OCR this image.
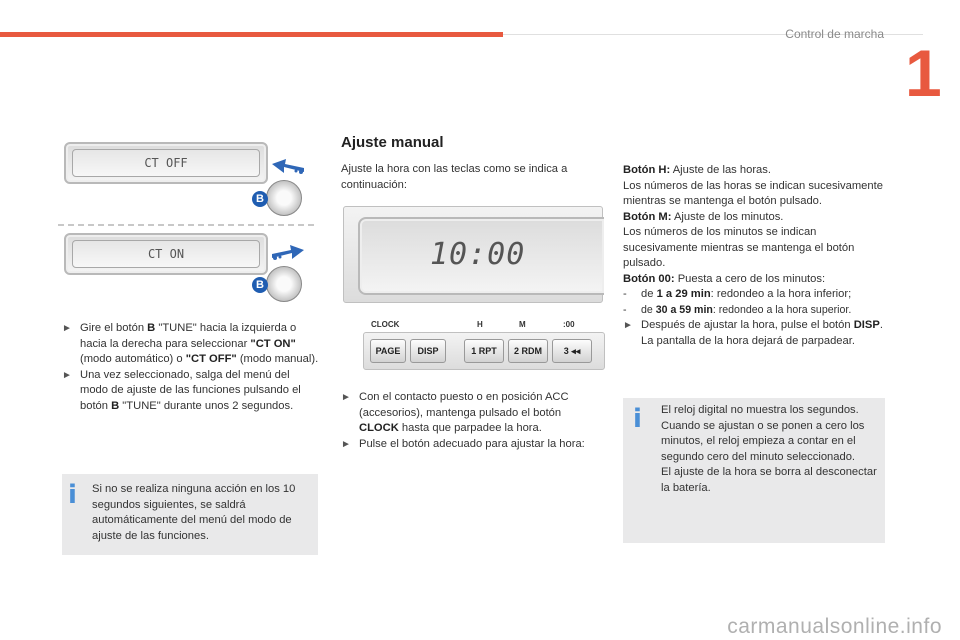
Control de marcha
1
CT OFF
B
CT ON
B
► Gire el botón B "TUNE" hacia la izquierda o hacia la derecha para seleccionar "CT ON" (modo automático) o "CT OFF" (modo manual).
► Una vez seleccionado, salga del menú del modo de ajuste de las funciones pulsando el botón B "TUNE" durante unos 2 segundos.
i Si no se realiza ninguna acción en los 10 segundos siguientes, se saldrá automáticamente del menú del modo de ajuste de las funciones.
Ajuste manual
Ajuste la hora con las teclas como se indica a continuación:
10:00
CLOCK	H	M	:00
PAGE	DISP	1 RPT	2 RDM	3 ◂◂
► Con el contacto puesto o en posición ACC (accesorios), mantenga pulsado el botón CLOCK hasta que parpadee la hora.
► Pulse el botón adecuado para ajustar la hora:
Botón H: Ajuste de las horas.
Los números de las horas se indican sucesivamente mientras se mantenga el botón pulsado.
Botón M: Ajuste de los minutos.
Los números de los minutos se indican sucesivamente mientras se mantenga el botón pulsado.
Botón 00: Puesta a cero de los minutos:
- de 1 a 29 min: redondeo a la hora inferior;
- de 30 a 59 min: redondeo a la hora superior.
► Después de ajustar la hora, pulse el botón DISP. La pantalla de la hora dejará de parpadear.
i El reloj digital no muestra los segundos. Cuando se ajustan o se ponen a cero los minutos, el reloj empieza a contar en el segundo cero del minuto seleccionado.
El ajuste de la hora se borra al desconectar la batería.
carmanualsonline.info
